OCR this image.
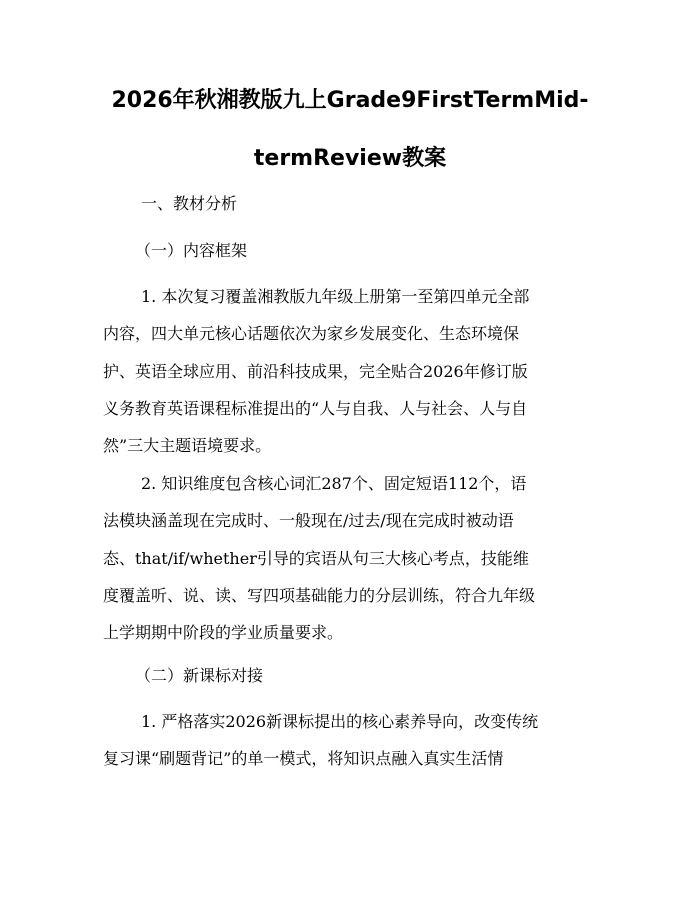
2026年秋湘教版九上Grade9FirstTermMid-
termReview教案
一、教材分析
（一）内容框架
1. 本次复习覆盖湘教版九年级上册第一至第四单元全部
内容，四大单元核心话题依次为家乡发展变化、生态环境保
护、英语全球应用、前沿科技成果，完全贴合2026年修订版
义务教育英语课程标准提出的“人与自我、人与社会、人与自
然”三大主题语境要求。
2. 知识维度包含核心词汇287个、固定短语112个，语
法模块涵盖现在完成时、一般现在/过去/现在完成时被动语
态、that/if/whether引导的宾语从句三大核心考点，技能维
度覆盖听、说、读、写四项基础能力的分层训练，符合九年级
上学期期中阶段的学业质量要求。
（二）新课标对接
1. 严格落实2026新课标提出的核心素养导向，改变传统
复习课“刷题背记”的单一模式，将知识点融入真实生活情
